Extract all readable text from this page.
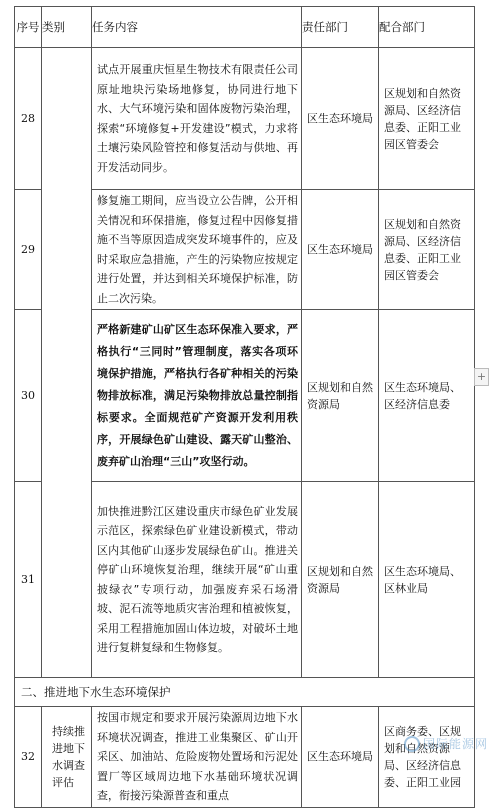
序号	类别	任务内容	责任部门	配合部门
28		试点开展重庆恒星生物技术有限责任公司原址地块污染场地修复，协同进行地下水、大气环境污染和固体废物污染治理，探索“环境修复+开发建设”模式，力求将土壤污染风险管控和修复活动与供地、再开发活动同步。	区生态环境局	区规划和自然资源局、区经济信息委、正阳工业园区管委会
29		修复施工期间，应当设立公告牌，公开相关情况和环保措施，修复过程中因修复措施不当等原因造成突发环境事件的，应及时采取应急措施，产生的污染物应按规定进行处置，并达到相关环境保护标准，防止二次污染。	区生态环境局	区规划和自然资源局、区经济信息委、正阳工业园区管委会
30		严格新建矿山矿区生态环保准入要求，严格执行“三同时”管理制度，落实各项环境保护措施，严格执行各矿种相关的污染物排放标准，满足污染物排放总量控制指标要求。全面规范矿产资源开发利用秩序，开展绿色矿山建设、露天矿山整治、废弃矿山治理“三山”攻坚行动。	区规划和自然资源局	区生态环境局、区经济信息委
31		加快推进黔江区建设重庆市绿色矿业发展示范区，探索绿色矿业建设新模式，带动区内其他矿山逐步发展绿色矿山。推进关停矿山环境恢复治理，继续开展“矿山重披绿衣”专项行动，加强废弃采石场滑坡、泥石流等地质灾害治理和植被恢复，采用工程措施加固山体边坡，对破坏土地进行复耕复绿和生物修复。	区规划和自然资源局	区生态环境局、区林业局
二、推进地下水生态环境保护				
32	持续推进地下水调查评估	按国市规定和要求开展污染源周边地下水环境状况调查，推进工业集聚区、矿山开采区、加油站、危险废物处置场和污泥处置厂等区域周边地下水基础环境状况调查，衔接污染源普查和重点	区生态环境局	区商务委、区规划和自然资源局、区经济信息委、正阳工业园
+
国际能源网
